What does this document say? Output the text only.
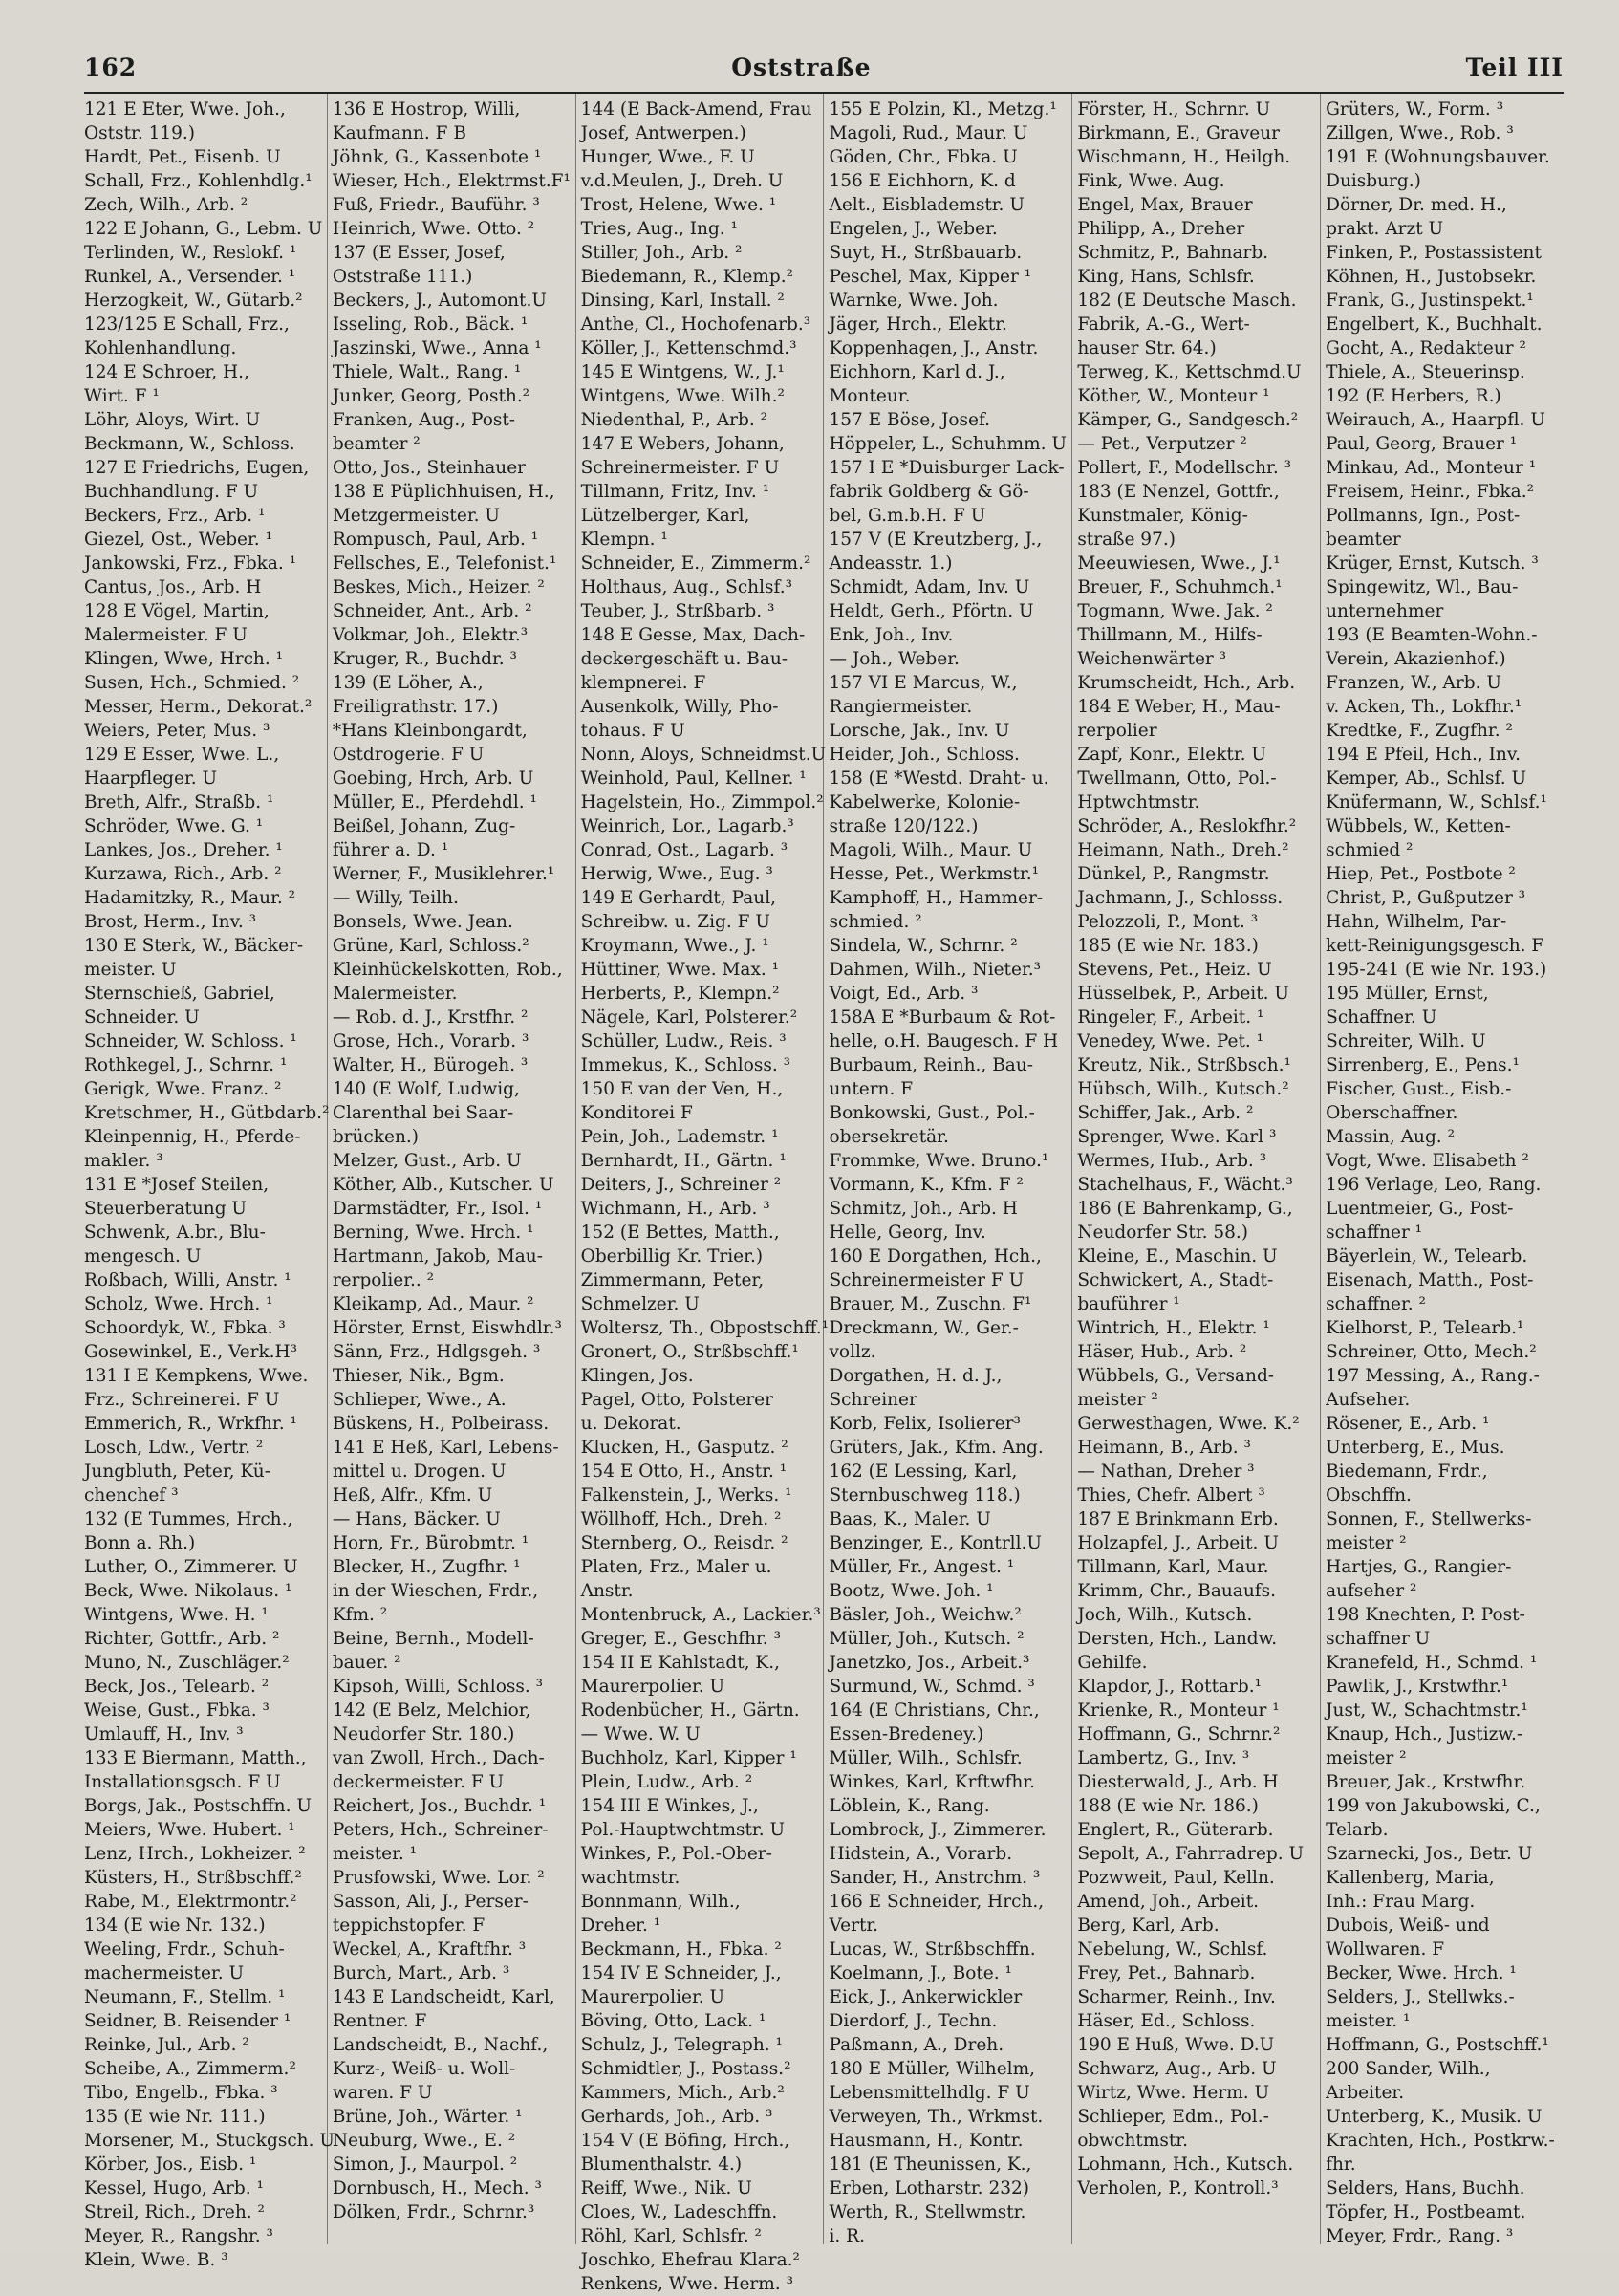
162	Oststraße	Teil III
121 E Eter, Wwe. Joh.,
Oststr. 119.)
Hardt, Pet., Eisenb. U
Schall, Frz., Kohlenhdlg.¹
Zech, Wilh., Arb. ²
122 E Johann, G., Lebm. U
Terlinden, W., Reslokf. ¹
Runkel, A., Versender. ¹
Herzogkeit, W., Gütarb.²
123/125 E Schall, Frz.,
Kohlenhandlung.
124 E Schroer, H.,
Wirt. F ¹
Löhr, Aloys, Wirt. U
Beckmann, W., Schloss.
127 E Friedrichs, Eugen,
Buchhandlung. F U
Beckers, Frz., Arb. ¹
Giezel, Ost., Weber. ¹
Jankowski, Frz., Fbka. ¹
Cantus, Jos., Arb. H
128 E Vögel, Martin,
Malermeister. F U
Klingen, Wwe, Hrch. ¹
Susen, Hch., Schmied. ²
Messer, Herm., Dekorat.²
Weiers, Peter, Mus. ³
129 E Esser, Wwe. L.,
Haarpfleger. U
Breth, Alfr., Straßb. ¹
Schröder, Wwe. G. ¹
Lankes, Jos., Dreher. ¹
Kurzawa, Rich., Arb. ²
Hadamitzky, R., Maur. ²
Brost, Herm., Inv. ³
130 E Sterk, W., Bäcker-
meister. U
Sternschieß, Gabriel,
Schneider. U
Schneider, W. Schloss. ¹
Rothkegel, J., Schrnr. ¹
Gerigk, Wwe. Franz. ²
Kretschmer, H., Gütbdarb.²
Kleinpennig, H., Pferde-
makler. ³
131 E *Josef Steilen,
Steuerberatung U
Schwenk, A.br., Blu-
mengesch. U
Roßbach, Willi, Anstr. ¹
Scholz, Wwe. Hrch. ¹
Schoordyk, W., Fbka. ³
Gosewinkel, E., Verk.H³
131 I E Kempkens, Wwe.
Frz., Schreinerei. F U
Emmerich, R., Wrkfhr. ¹
Losch, Ldw., Vertr. ²
Jungbluth, Peter, Kü-
chenchef ³
132 (E Tummes, Hrch.,
Bonn a. Rh.)
Luther, O., Zimmerer. U
Beck, Wwe. Nikolaus. ¹
Wintgens, Wwe. H. ¹
Richter, Gottfr., Arb. ²
Muno, N., Zuschläger.²
Beck, Jos., Telearb. ²
Weise, Gust., Fbka. ³
Umlauff, H., Inv. ³
133 E Biermann, Matth.,
Installationsgsch. F U
Borgs, Jak., Postschffn. U
Meiers, Wwe. Hubert. ¹
Lenz, Hrch., Lokheizer. ²
Küsters, H., Strßbschff.²
Rabe, M., Elektrmontr.²
134 (E wie Nr. 132.)
Weeling, Frdr., Schuh-
machermeister. U
Neumann, F., Stellm. ¹
Seidner, B. Reisender ¹
Reinke, Jul., Arb. ²
Scheibe, A., Zimmerm.²
Tibo, Engelb., Fbka. ³
135 (E wie Nr. 111.)
Morsener, M., Stuckgsch. U
Körber, Jos., Eisb. ¹
Kessel, Hugo, Arb. ¹
Streil, Rich., Dreh. ²
Meyer, R., Rangshr. ³
Klein, Wwe. B. ³
136 E Hostrop, Willi,
Kaufmann. F B
Jöhnk, G., Kassenbote ¹
Wieser, Hch., Elektrmst.F¹
Fuß, Friedr., Bauführ. ³
Heinrich, Wwe. Otto. ²
137 (E Esser, Josef,
Oststraße 111.)
Beckers, J., Automont.U
Isseling, Rob., Bäck. ¹
Jaszinski, Wwe., Anna ¹
Thiele, Walt., Rang. ¹
Junker, Georg, Posth.²
Franken, Aug., Post-
beamter ²
Otto, Jos., Steinhauer
138 E Püplichhuisen, H.,
Metzgermeister. U
Rompusch, Paul, Arb. ¹
Fellsches, E., Telefonist.¹
Beskes, Mich., Heizer. ²
Schneider, Ant., Arb. ²
Volkmar, Joh., Elektr.³
Kruger, R., Buchdr. ³
139 (E Löher, A.,
Freiligrathstr. 17.)
*Hans Kleinbongardt,
Ostdrogerie. F U
Goebing, Hrch, Arb. U
Müller, E., Pferdehdl. ¹
Beißel, Johann, Zug-
führer a. D. ¹
Werner, F., Musiklehrer.¹
— Willy, Teilh.
Bonsels, Wwe. Jean.
Grüne, Karl, Schloss.²
Kleinhückelskotten, Rob.,
Malermeister.
— Rob. d. J., Krstfhr. ²
Grose, Hch., Vorarb. ³
Walter, H., Bürogeh. ³
140 (E Wolf, Ludwig,
Clarenthal bei Saar-
brücken.)
Melzer, Gust., Arb. U
Köther, Alb., Kutscher. U
Darmstädter, Fr., Isol. ¹
Berning, Wwe. Hrch. ¹
Hartmann, Jakob, Mau-
rerpolier.. ²
Kleikamp, Ad., Maur. ²
Hörster, Ernst, Eiswhdlr.³
Sänn, Frz., Hdlgsgeh. ³
Thieser, Nik., Bgm.
Schlieper, Wwe., A.
Büskens, H., Polbeirass.
141 E Heß, Karl, Lebens-
mittel u. Drogen. U
Heß, Alfr., Kfm. U
— Hans, Bäcker. U
Horn, Fr., Bürobmtr. ¹
Blecker, H., Zugfhr. ¹
in der Wieschen, Frdr.,
Kfm. ²
Beine, Bernh., Modell-
bauer. ²
Kipsoh, Willi, Schloss. ³
142 (E Belz, Melchior,
Neudorfer Str. 180.)
van Zwoll, Hrch., Dach-
deckermeister. F U
Reichert, Jos., Buchdr. ¹
Peters, Hch., Schreiner-
meister. ¹
Prusfowski, Wwe. Lor. ²
Sasson, Ali, J., Perser-
teppichstopfer. F
Weckel, A., Kraftfhr. ³
Burch, Mart., Arb. ³
143 E Landscheidt, Karl,
Rentner. F
Landscheidt, B., Nachf.,
Kurz-, Weiß- u. Woll-
waren. F U
Brüne, Joh., Wärter. ¹
Neuburg, Wwe., E. ²
Simon, J., Maurpol. ²
Dornbusch, H., Mech. ³
Dölken, Frdr., Schrnr.³
144 (E Back-Amend, Frau
Josef, Antwerpen.)
Hunger, Wwe., F. U
v.d.Meulen, J., Dreh. U
Trost, Helene, Wwe. ¹
Tries, Aug., Ing. ¹
Stiller, Joh., Arb. ²
Biedemann, R., Klemp.²
Dinsing, Karl, Install. ²
Anthe, Cl., Hochofenarb.³
Köller, J., Kettenschmd.³
145 E Wintgens, W., J.¹
Wintgens, Wwe. Wilh.²
Niedenthal, P., Arb. ²
147 E Webers, Johann,
Schreinermeister. F U
Tillmann, Fritz, Inv. ¹
Lützelberger, Karl,
Klempn. ¹
Schneider, E., Zimmerm.²
Holthaus, Aug., Schlsf.³
Teuber, J., Strßbarb. ³
148 E Gesse, Max, Dach-
deckergeschäft u. Bau-
klempnerei. F
Ausenkolk, Willy, Pho-
tohaus. F U
Nonn, Aloys, Schneidmst.U
Weinhold, Paul, Kellner. ¹
Hagelstein, Ho., Zimmpol.²
Weinrich, Lor., Lagarb.³
Conrad, Ost., Lagarb. ³
Herwig, Wwe., Eug. ³
149 E Gerhardt, Paul,
Schreibw. u. Zig. F U
Kroymann, Wwe., J. ¹
Hüttiner, Wwe. Max. ¹
Herberts, P., Klempn.²
Nägele, Karl, Polsterer.²
Schüller, Ludw., Reis. ³
Immekus, K., Schloss. ³
150 E van der Ven, H.,
Konditorei F
Pein, Joh., Lademstr. ¹
Bernhardt, H., Gärtn. ¹
Deiters, J., Schreiner ²
Wichmann, H., Arb. ³
152 (E Bettes, Matth.,
Oberbillig Kr. Trier.)
Zimmermann, Peter,
Schmelzer. U
Woltersz, Th., Obpostschff.¹
Gronert, O., Strßbschff.¹
Klingen, Jos.
Pagel, Otto, Polsterer
u. Dekorat.
Klucken, H., Gasputz. ²
154 E Otto, H., Anstr. ¹
Falkenstein, J., Werks. ¹
Wöllhoff, Hch., Dreh. ²
Sternberg, O., Reisdr. ²
Platen, Frz., Maler u.
Anstr.
Montenbruck, A., Lackier.³
Greger, E., Geschfhr. ³
154 II E Kahlstadt, K.,
Maurerpolier. U
Rodenbücher, H., Gärtn.
— Wwe. W. U
Buchholz, Karl, Kipper ¹
Plein, Ludw., Arb. ²
154 III E Winkes, J.,
Pol.-Hauptwchtmstr. U
Winkes, P., Pol.-Ober-
wachtmstr.
Bonnmann, Wilh.,
Dreher. ¹
Beckmann, H., Fbka. ²
154 IV E Schneider, J.,
Maurerpolier. U
Böving, Otto, Lack. ¹
Schulz, J., Telegraph. ¹
Schmidtler, J., Postass.²
Kammers, Mich., Arb.²
Gerhards, Joh., Arb. ³
154 V (E Böfing, Hrch.,
Blumenthalstr. 4.)
Reiff, Wwe., Nik. U
Cloes, W., Ladeschffn.
Röhl, Karl, Schlsfr. ²
Joschko, Ehefrau Klara.²
Renkens, Wwe. Herm. ³
155 E Polzin, Kl., Metzg.¹
Magoli, Rud., Maur. U
Göden, Chr., Fbka. U
156 E Eichhorn, K. d
Aelt., Eisblademstr. U
Engelen, J., Weber.
Suyt, H., Strßbauarb.
Peschel, Max, Kipper ¹
Warnke, Wwe. Joh.
Jäger, Hrch., Elektr.
Koppenhagen, J., Anstr.
Eichhorn, Karl d. J.,
Monteur.
157 E Böse, Josef.
Höppeler, L., Schuhmm. U
157 I E *Duisburger Lack-
fabrik Goldberg & Gö-
bel, G.m.b.H. F U
157 V (E Kreutzberg, J.,
Andeasstr. 1.)
Schmidt, Adam, Inv. U
Heldt, Gerh., Pförtn. U
Enk, Joh., Inv.
— Joh., Weber.
157 VI E Marcus, W.,
Rangiermeister.
Lorsche, Jak., Inv. U
Heider, Joh., Schloss.
158 (E *Westd. Draht- u.
Kabelwerke, Kolonie-
straße 120/122.)
Magoli, Wilh., Maur. U
Hesse, Pet., Werkmstr.¹
Kamphoff, H., Hammer-
schmied. ²
Sindela, W., Schrnr. ²
Dahmen, Wilh., Nieter.³
Voigt, Ed., Arb. ³
158A E *Burbaum & Rot-
helle, o.H. Baugesch. F H
Burbaum, Reinh., Bau-
untern. F
Bonkowski, Gust., Pol.-
obersekretär.
Frommke, Wwe. Bruno.¹
Vormann, K., Kfm. F ²
Schmitz, Joh., Arb. H
Helle, Georg, Inv.
160 E Dorgathen, Hch.,
Schreinermeister F U
Brauer, M., Zuschn. F¹
Dreckmann, W., Ger.-
vollz.
Dorgathen, H. d. J.,
Schreiner
Korb, Felix, Isolierer³
Grüters, Jak., Kfm. Ang.
162 (E Lessing, Karl,
Sternbuschweg 118.)
Baas, K., Maler. U
Benzinger, E., Kontrll.U
Müller, Fr., Angest. ¹
Bootz, Wwe. Joh. ¹
Bäsler, Joh., Weichw.²
Müller, Joh., Kutsch. ²
Janetzko, Jos., Arbeit.³
Surmund, W., Schmd. ³
164 (E Christians, Chr.,
Essen-Bredeney.)
Müller, Wilh., Schlsfr.
Winkes, Karl, Krftwfhr.
Löblein, K., Rang.
Lombrock, J., Zimmerer.
Hidstein, A., Vorarb.
Sander, H., Anstrchm. ³
166 E Schneider, Hrch.,
Vertr.
Lucas, W., Strßbschffn.
Koelmann, J., Bote. ¹
Eick, J., Ankerwickler
Dierdorf, J., Techn.
Paßmann, A., Dreh.
180 E Müller, Wilhelm,
Lebensmittelhdlg. F U
Verweyen, Th., Wrkmst.
Hausmann, H., Kontr.
181 (E Theunissen, K.,
Erben, Lotharstr. 232)
Werth, R., Stellwmstr.
i. R.
Förster, H., Schrnr. U
Birkmann, E., Graveur
Wischmann, H., Heilgh.
Fink, Wwe. Aug.
Engel, Max, Brauer
Philipp, A., Dreher
Schmitz, P., Bahnarb.
King, Hans, Schlsfr.
182 (E Deutsche Masch.
Fabrik, A.-G., Wert-
hauser Str. 64.)
Terweg, K., Kettschmd.U
Köther, W., Monteur ¹
Kämper, G., Sandgesch.²
— Pet., Verputzer ²
Pollert, F., Modellschr. ³
183 (E Nenzel, Gottfr.,
Kunstmaler, König-
straße 97.)
Meeuwiesen, Wwe., J.¹
Breuer, F., Schuhmch.¹
Togmann, Wwe. Jak. ²
Thillmann, M., Hilfs-
Weichenwärter ³
Krumscheidt, Hch., Arb.
184 E Weber, H., Mau-
rerpolier
Zapf, Konr., Elektr. U
Twellmann, Otto, Pol.-
Hptwchtmstr.
Schröder, A., Reslokfhr.²
Heimann, Nath., Dreh.²
Dünkel, P., Rangmstr.
Jachmann, J., Schlosss.
Pelozzoli, P., Mont. ³
185 (E wie Nr. 183.)
Stevens, Pet., Heiz. U
Hüsselbek, P., Arbeit. U
Ringeler, F., Arbeit. ¹
Venedey, Wwe. Pet. ¹
Kreutz, Nik., Strßbsch.¹
Hübsch, Wilh., Kutsch.²
Schiffer, Jak., Arb. ²
Sprenger, Wwe. Karl ³
Wermes, Hub., Arb. ³
Stachelhaus, F., Wächt.³
186 (E Bahrenkamp, G.,
Neudorfer Str. 58.)
Kleine, E., Maschin. U
Schwickert, A., Stadt-
bauführer ¹
Wintrich, H., Elektr. ¹
Häser, Hub., Arb. ²
Wübbels, G., Versand-
meister ²
Gerwesthagen, Wwe. K.²
Heimann, B., Arb. ³
— Nathan, Dreher ³
Thies, Chefr. Albert ³
187 E Brinkmann Erb.
Holzapfel, J., Arbeit. U
Tillmann, Karl, Maur.
Krimm, Chr., Bauaufs.
Joch, Wilh., Kutsch.
Dersten, Hch., Landw.
Gehilfe.
Klapdor, J., Rottarb.¹
Krienke, R., Monteur ¹
Hoffmann, G., Schrnr.²
Lambertz, G., Inv. ³
Diesterwald, J., Arb. H
188 (E wie Nr. 186.)
Englert, R., Güterarb.
Sepolt, A., Fahrradrep. U
Pozwweit, Paul, Kelln.
Amend, Joh., Arbeit.
Berg, Karl, Arb.
Nebelung, W., Schlsf.
Frey, Pet., Bahnarb.
Scharmer, Reinh., Inv.
Häser, Ed., Schloss.
190 E Huß, Wwe. D.U
Schwarz, Aug., Arb. U
Wirtz, Wwe. Herm. U
Schlieper, Edm., Pol.-
obwchtmstr.
Lohmann, Hch., Kutsch.
Verholen, P., Kontroll.³
Grüters, W., Form. ³
Zillgen, Wwe., Rob. ³
191 E (Wohnungsbauver.
Duisburg.)
Dörner, Dr. med. H.,
prakt. Arzt U
Finken, P., Postassistent
Köhnen, H., Justobsekr.
Frank, G., Justinspekt.¹
Engelbert, K., Buchhalt.
Gocht, A., Redakteur ²
Thiele, A., Steuerinsp.
192 (E Herbers, R.)
Weirauch, A., Haarpfl. U
Paul, Georg, Brauer ¹
Minkau, Ad., Monteur ¹
Freisem, Heinr., Fbka.²
Pollmanns, Ign., Post-
beamter
Krüger, Ernst, Kutsch. ³
Spingewitz, Wl., Bau-
unternehmer
193 (E Beamten-Wohn.-
Verein, Akazienhof.)
Franzen, W., Arb. U
v. Acken, Th., Lokfhr.¹
Kredtke, F., Zugfhr. ²
194 E Pfeil, Hch., Inv.
Kemper, Ab., Schlsf. U
Knüfermann, W., Schlsf.¹
Wübbels, W., Ketten-
schmied ²
Hiep, Pet., Postbote ²
Christ, P., Gußputzer ³
Hahn, Wilhelm, Par-
kett-Reinigungsgesch. F
195-241 (E wie Nr. 193.)
195 Müller, Ernst,
Schaffner. U
Schreiter, Wilh. U
Sirrenberg, E., Pens.¹
Fischer, Gust., Eisb.-
Oberschaffner.
Massin, Aug. ²
Vogt, Wwe. Elisabeth ²
196 Verlage, Leo, Rang.
Luentmeier, G., Post-
schaffner ¹
Bäyerlein, W., Telearb.
Eisenach, Matth., Post-
schaffner. ²
Kielhorst, P., Telearb.¹
Schreiner, Otto, Mech.²
197 Messing, A., Rang.-
Aufseher.
Rösener, E., Arb. ¹
Unterberg, E., Mus.
Biedemann, Frdr.,
Obschffn.
Sonnen, F., Stellwerks-
meister ²
Hartjes, G., Rangier-
aufseher ²
198 Knechten, P. Post-
schaffner U
Kranefeld, H., Schmd. ¹
Pawlik, J., Krstwfhr.¹
Just, W., Schachtmstr.¹
Knaup, Hch., Justizw.-
meister ²
Breuer, Jak., Krstwfhr.
199 von Jakubowski, C.,
Telarb.
Szarnecki, Jos., Betr. U
Kallenberg, Maria,
Inh.: Frau Marg.
Dubois, Weiß- und
Wollwaren. F
Becker, Wwe. Hrch. ¹
Selders, J., Stellwks.-
meister. ¹
Hoffmann, G., Postschff.¹
200 Sander, Wilh.,
Arbeiter.
Unterberg, K., Musik. U
Krachten, Hch., Postkrw.-
fhr.
Selders, Hans, Buchh.
Töpfer, H., Postbeamt.
Meyer, Frdr., Rang. ³
